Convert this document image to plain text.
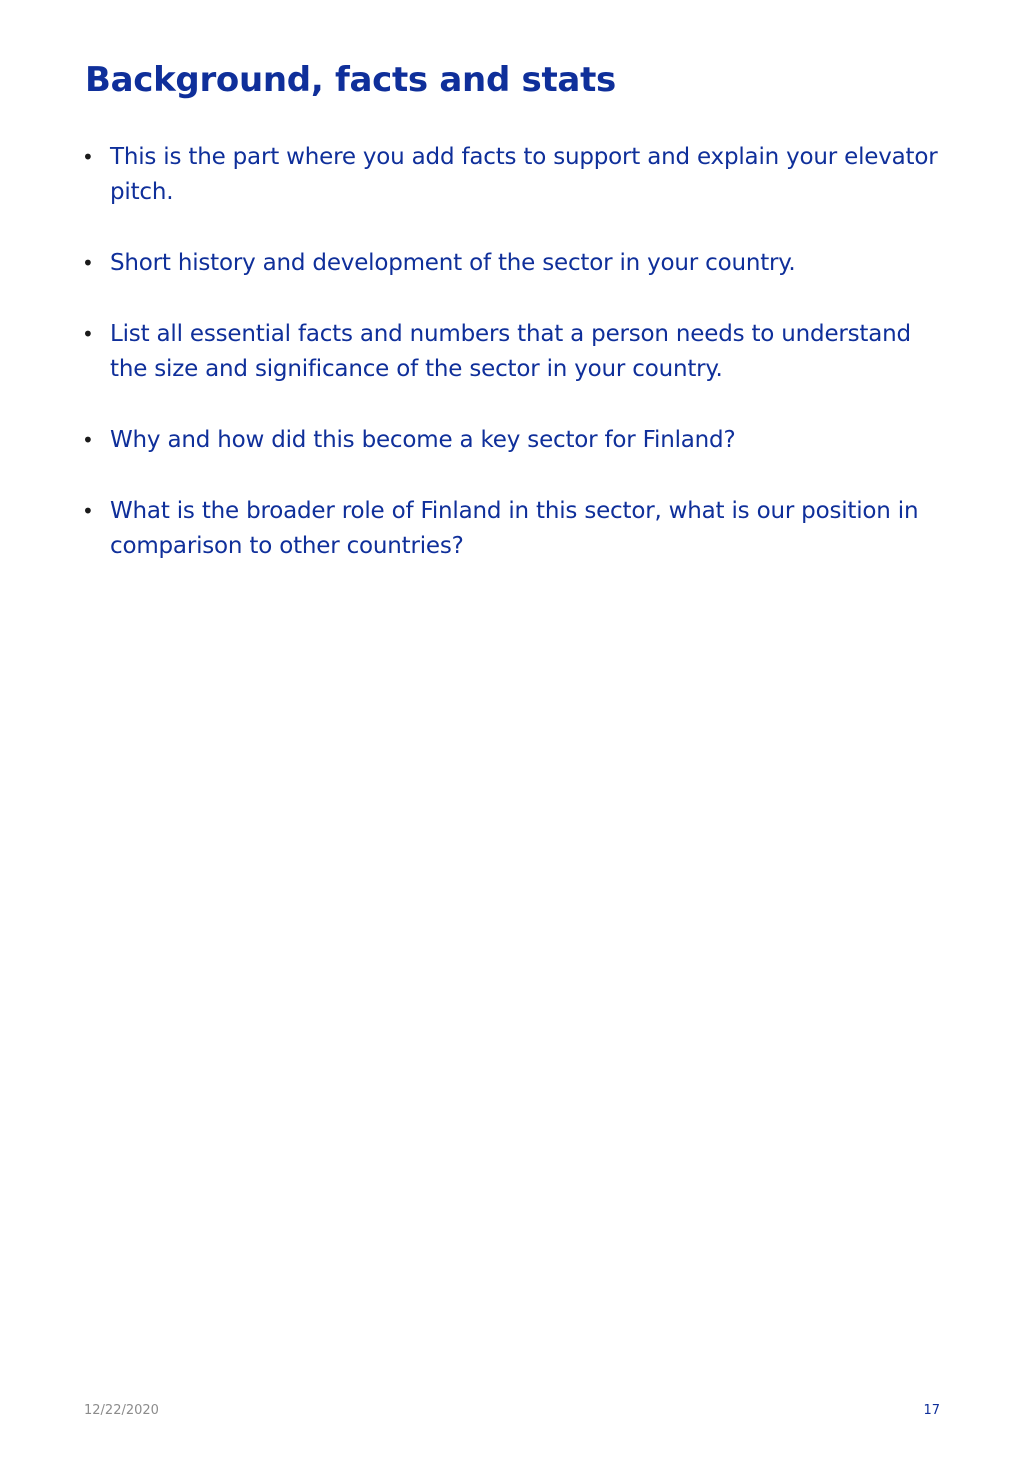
Background, facts and stats
• This is the part where you add facts to support and explain your elevator pitch.
• Short history and development of the sector in your country.
• List all essential facts and numbers that a person needs to understand the size and significance of the sector in your country.
• Why and how did this become a key sector for Finland?
• What is the broader role of Finland in this sector, what is our position in comparison to other countries?
12/22/2020	17
